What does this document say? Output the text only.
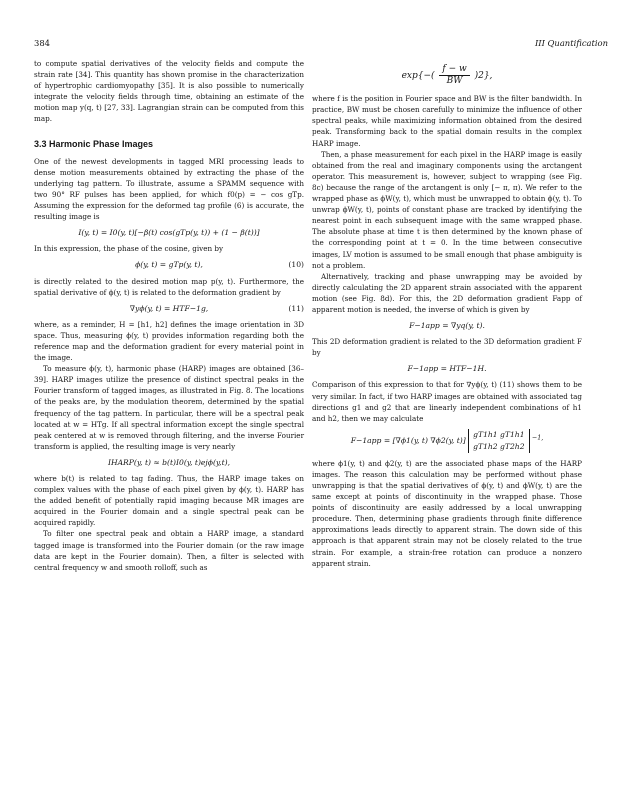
384	III Quantification

to compute spatial derivatives of the velocity fields and compute the strain rate [34]. This quantity has shown promise in the characterization of hypertrophic cardiomyopathy [35]. It is also possible to numerically integrate the velocity fields through time, obtaining an estimate of the motion map y(q, t) [27, 33]. Lagrangian strain can be computed from this map.

3.3 Harmonic Phase Images

One of the newest developments in tagged MRI processing leads to dense motion measurements obtained by extracting the phase of the underlying tag pattern. To illustrate, assume a SPAMM sequence with two 90° RF pulses has been applied, for which f0(p) = − cos gTp. Assuming the expression for the deformed tag profile (6) is accurate, the resulting image is

I(y, t) = I0(y, t)[−β(t) cos(gTp(y, t)) + (1 − β(t))]

In this expression, the phase of the cosine, given by

ϕ(y, t) = gTp(y, t),	(10)

is directly related to the desired motion map p(y, t). Furthermore, the spatial derivative of ϕ(y, t) is related to the deformation gradient by

∇yϕ(y, t) = HTF−1g,	(11)

where, as a reminder, H = [h1, h2] defines the image orientation in 3D space. Thus, measuring ϕ(y, t) provides information regarding both the reference map and the deformation gradient for every material point in the image.

To measure ϕ(y, t), harmonic phase (HARP) images are obtained [36–39]. HARP images utilize the presence of distinct spectral peaks in the Fourier transform of tagged images, as illustrated in Fig. 8. The locations of the peaks are, by the modulation theorem, determined by the spatial frequency of the tag pattern. In particular, there will be a spectral peak located at w = HTg. If all spectral information except the single spectral peak centered at w is removed through filtering, and the inverse Fourier transform is applied, the resulting image is very nearly

IHARP(y, t) ≈ b(t)I0(y, t)ejϕ(y,t),

where b(t) is related to tag fading. Thus, the HARP image takes on complex values with the phase of each pixel given by ϕ(y, t). HARP has the added benefit of potentially rapid imaging because MR images are acquired in the Fourier domain and a single spectral peak can be acquired rapidly.

To filter one spectral peak and obtain a HARP image, a standard tagged image is transformed into the Fourier domain (or the raw image data are kept in the Fourier domain). Then, a filter is selected with central frequency w and smooth rolloff, such as

$\exp\{-( \frac{f - w}{BW} )2\}$,

where f is the position in Fourier space and BW is the filter bandwidth. In practice, BW must be chosen carefully to minimize the influence of other spectral peaks, while maximizing information obtained from the desired peak. Transforming back to the spatial domain results in the complex HARP image.

Then, a phase measurement for each pixel in the HARP image is easily obtained from the real and imaginary components using the arctangent operator. This measurement is, however, subject to wrapping (see Fig. 8c) because the range of the arctangent is only [− π, π). We refer to the wrapped phase as ϕW(y, t), which must be unwrapped to obtain ϕ(y, t). To unwrap ϕW(y, t), points of constant phase are tracked by identifying the nearest point in each subsequent image with the same wrapped phase. The absolute phase at time t is then determined by the known phase of the corresponding point at t = 0. In the time between consecutive images, LV motion is assumed to be small enough that phase ambiguity is not a problem.

Alternatively, tracking and phase unwrapping may be avoided by directly calculating the 2D apparent strain associated with the apparent motion (see Fig. 8d). For this, the 2D deformation gradient Fapp of apparent motion is needed, the inverse of which is given by

F−1app = ∇yq(y, t).

This 2D deformation gradient is related to the 3D deformation gradient F by

F−1app = HTF−1H.

Comparison of this expression to that for ∇yϕ(y, t) (11) shows them to be very similar. In fact, if two HARP images are obtained with associated tag directions g1 and g2 that are linearly independent combinations of h1 and h2, then we may calculate

F−1app = [∇ϕ1(y, t) ∇ϕ2(y, t)]
gT1h1 gT1h1
gT1h2 gT2h2
$^{-1,}$

where ϕ1(y, t) and ϕ2(y, t) are the associated phase maps of the HARP images. The reason this calculation may be performed without phase unwrapping is that the spatial derivatives of ϕ(y, t) and ϕW(y, t) are the same except at points of discontinuity in the wrapped phase. Those points of discontinuity are easily addressed by a local unwrapping procedure. Then, determining phase gradients through finite difference approximations leads directly to apparent strain. The down side of this approach is that apparent strain may not be closely related to the true strain. For example, a strain-free rotation can produce a nonzero apparent strain.
